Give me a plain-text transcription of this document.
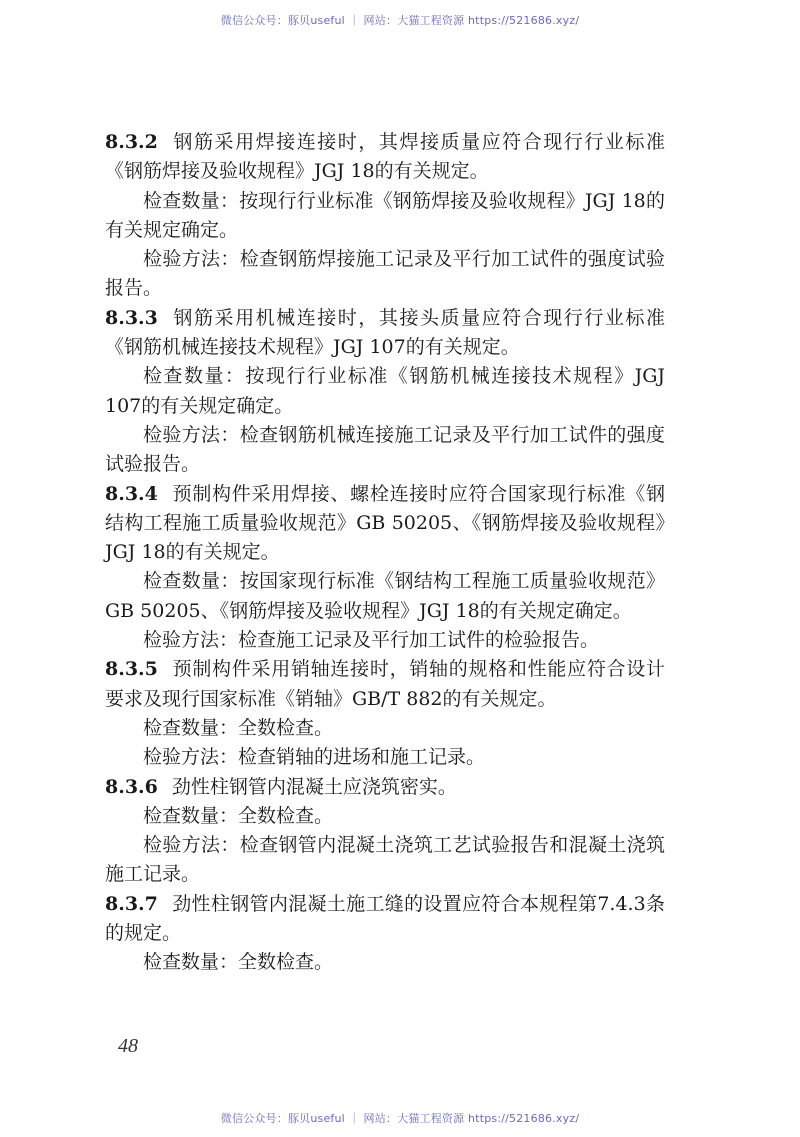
微信公众号：豚贝useful ｜ 网站：大猫工程资源 https://521686.xyz/

8.3.2 钢筋采用焊接连接时，其焊接质量应符合现行行业标准《钢筋焊接及验收规程》JGJ 18的有关规定。

检查数量：按现行行业标准《钢筋焊接及验收规程》JGJ 18的有关规定确定。

检验方法：检查钢筋焊接施工记录及平行加工试件的强度试验报告。

8.3.3 钢筋采用机械连接时，其接头质量应符合现行行业标准《钢筋机械连接技术规程》JGJ 107的有关规定。

检查数量：按现行行业标准《钢筋机械连接技术规程》JGJ 107的有关规定确定。

检验方法：检查钢筋机械连接施工记录及平行加工试件的强度试验报告。

8.3.4 预制构件采用焊接、螺栓连接时应符合国家现行标准《钢结构工程施工质量验收规范》GB 50205、《钢筋焊接及验收规程》JGJ 18的有关规定。

检查数量：按国家现行标准《钢结构工程施工质量验收规范》GB 50205、《钢筋焊接及验收规程》JGJ 18的有关规定确定。

检验方法：检查施工记录及平行加工试件的检验报告。

8.3.5 预制构件采用销轴连接时，销轴的规格和性能应符合设计要求及现行国家标准《销轴》GB/T 882的有关规定。

检查数量：全数检查。

检验方法：检查销轴的进场和施工记录。

8.3.6 劲性柱钢管内混凝土应浇筑密实。

检查数量：全数检查。

检验方法：检查钢管内混凝土浇筑工艺试验报告和混凝土浇筑施工记录。

8.3.7 劲性柱钢管内混凝土施工缝的设置应符合本规程第7.4.3条的规定。

检查数量：全数检查。

48
微信公众号：豚贝useful ｜ 网站：大猫工程资源 https://521686.xyz/
